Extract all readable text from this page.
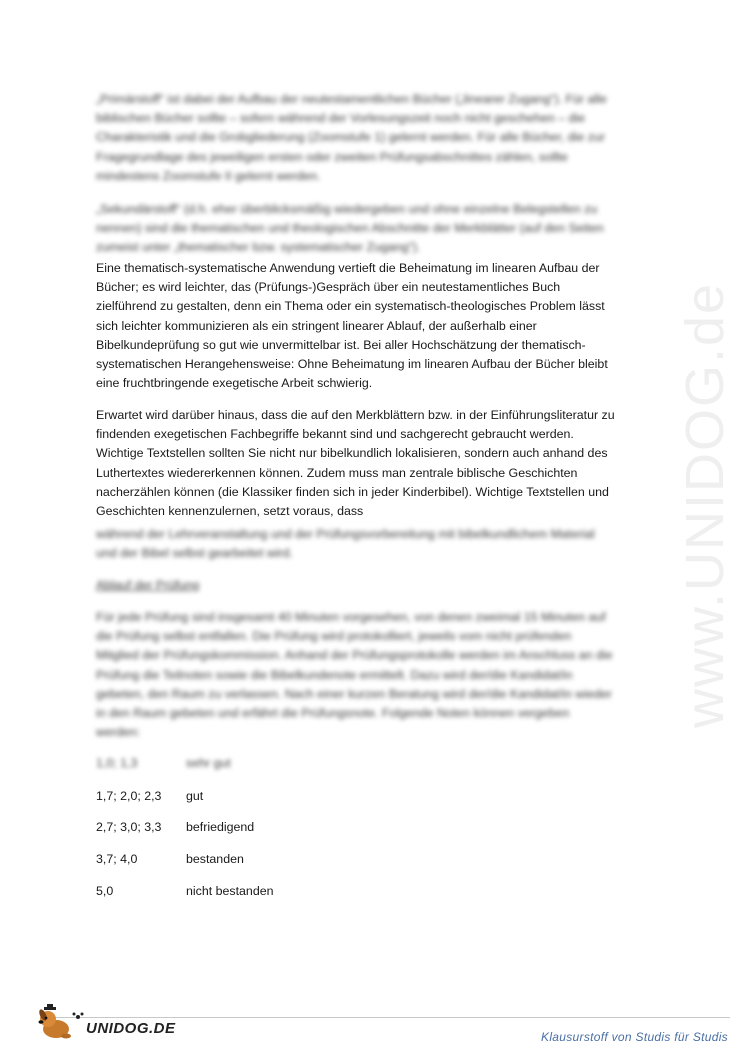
www.UNIDOG.de

„Primärstoff“ ist dabei der Aufbau der neutestamentlichen Bücher („linearer Zugang“). Für alle biblischen Bücher sollte – sofern während der Vorlesungszeit noch nicht geschehen – die Charakteristik und die Grobgliederung (Zoomstufe 1) gelernt werden. Für alle Bücher, die zur Fragegrundlage des jeweiligen ersten oder zweiten Prüfungsabschnittes zählen, sollte mindestens Zoomstufe II gelernt werden.

„Sekundärstoff“ (d.h. eher überblicksmäßig wiedergeben und ohne einzelne Belegstellen zu nennen) sind die thematischen und theologischen Abschnitte der Merkblätter (auf den Seiten zumeist unter „thematischer bzw. systematischer Zugang“).

Eine thematisch-systematische Anwendung vertieft die Beheimatung im linearen Aufbau der Bücher; es wird leichter, das (Prüfungs-)Gespräch über ein neutestamentliches Buch zielführend zu gestalten, denn ein Thema oder ein systematisch-theologisches Problem lässt sich leichter kommunizieren als ein stringent linearer Ablauf, der außerhalb einer Bibelkundeprüfung so gut wie unvermittelbar ist. Bei aller Hochschätzung der thematisch-systematischen Herangehensweise: Ohne Beheimatung im linearen Aufbau der Bücher bleibt eine fruchtbringende exegetische Arbeit schwierig.

Erwartet wird darüber hinaus, dass die auf den Merkblättern bzw. in der Einführungsliteratur zu findenden exegetischen Fachbegriffe bekannt sind und sachgerecht gebraucht werden. Wichtige Textstellen sollten Sie nicht nur bibelkundlich lokalisieren, sondern auch anhand des Luthertextes wiedererkennen können. Zudem muss man zentrale biblische Geschichten nacherzählen können (die Klassiker finden sich in jeder Kinderbibel). Wichtige Textstellen und Geschichten kennenzulernen, setzt voraus, dass

während der Lehrveranstaltung und der Prüfungsvorbereitung mit bibelkundlichem Material und der Bibel selbst gearbeitet wird.

Ablauf der Prüfung

Für jede Prüfung sind insgesamt 40 Minuten vorgesehen, von denen zweimal 15 Minuten auf die Prüfung selbst entfallen. Die Prüfung wird protokolliert, jeweils vom nicht prüfenden Mitglied der Prüfungskommission. Anhand der Prüfungsprotokolle werden im Anschluss an die Prüfung die Teilnoten sowie die Bibelkundenote ermittelt. Dazu wird der/die Kandidat/in gebeten, den Raum zu verlassen. Nach einer kurzen Beratung wird der/die Kandidat/in wieder in den Raum gebeten und erfährt die Prüfungsnote. Folgende Noten können vergeben werden:

1,0; 1,3	sehr gut
1,7; 2,0; 2,3 gut
2,7; 3,0; 3,3 befriedigend
3,7; 4,0	bestanden
5,0	nicht bestanden
UNIDOG.DE	Klausurstoff von Studis für Studis
